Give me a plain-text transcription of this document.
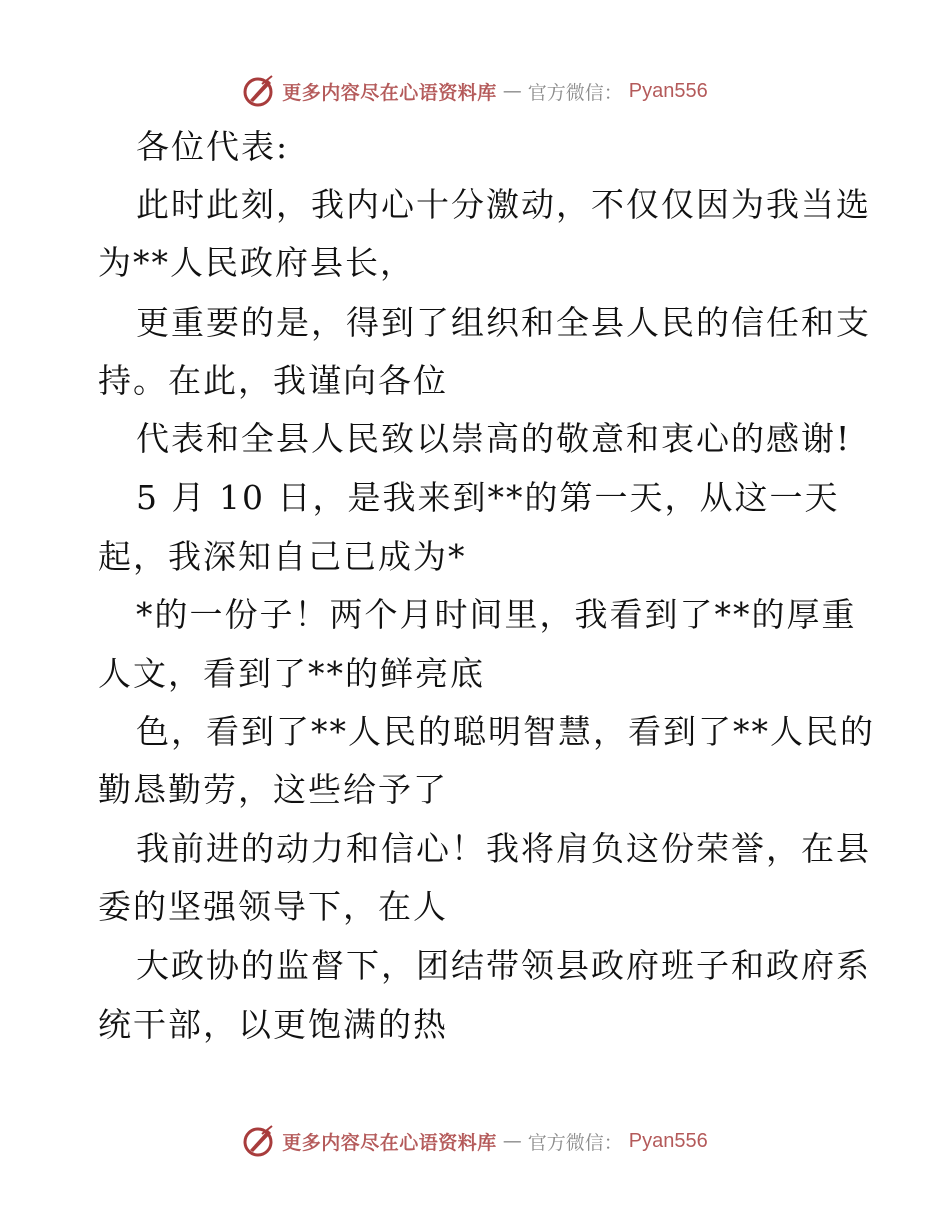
更多内容尽在心语资料库 — 官方微信： Pyan556
各位代表:
此时此刻，我内心十分激动，不仅仅因为我当选
为**人民政府县长，
更重要的是，得到了组织和全县人民的信任和支
持。在此，我谨向各位
代表和全县人民致以崇高的敬意和衷心的感谢!
5 月 10 日，是我来到**的第一天，从这一天
起，我深知自己已成为*
*的一份子！两个月时间里，我看到了**的厚重
人文，看到了**的鲜亮底
色，看到了**人民的聪明智慧，看到了**人民的
勤恳勤劳，这些给予了
我前进的动力和信心！我将肩负这份荣誉，在县
委的坚强领导下，在人
大政协的监督下，团结带领县政府班子和政府系
统干部，以更饱满的热
更多内容尽在心语资料库 — 官方微信： Pyan556
